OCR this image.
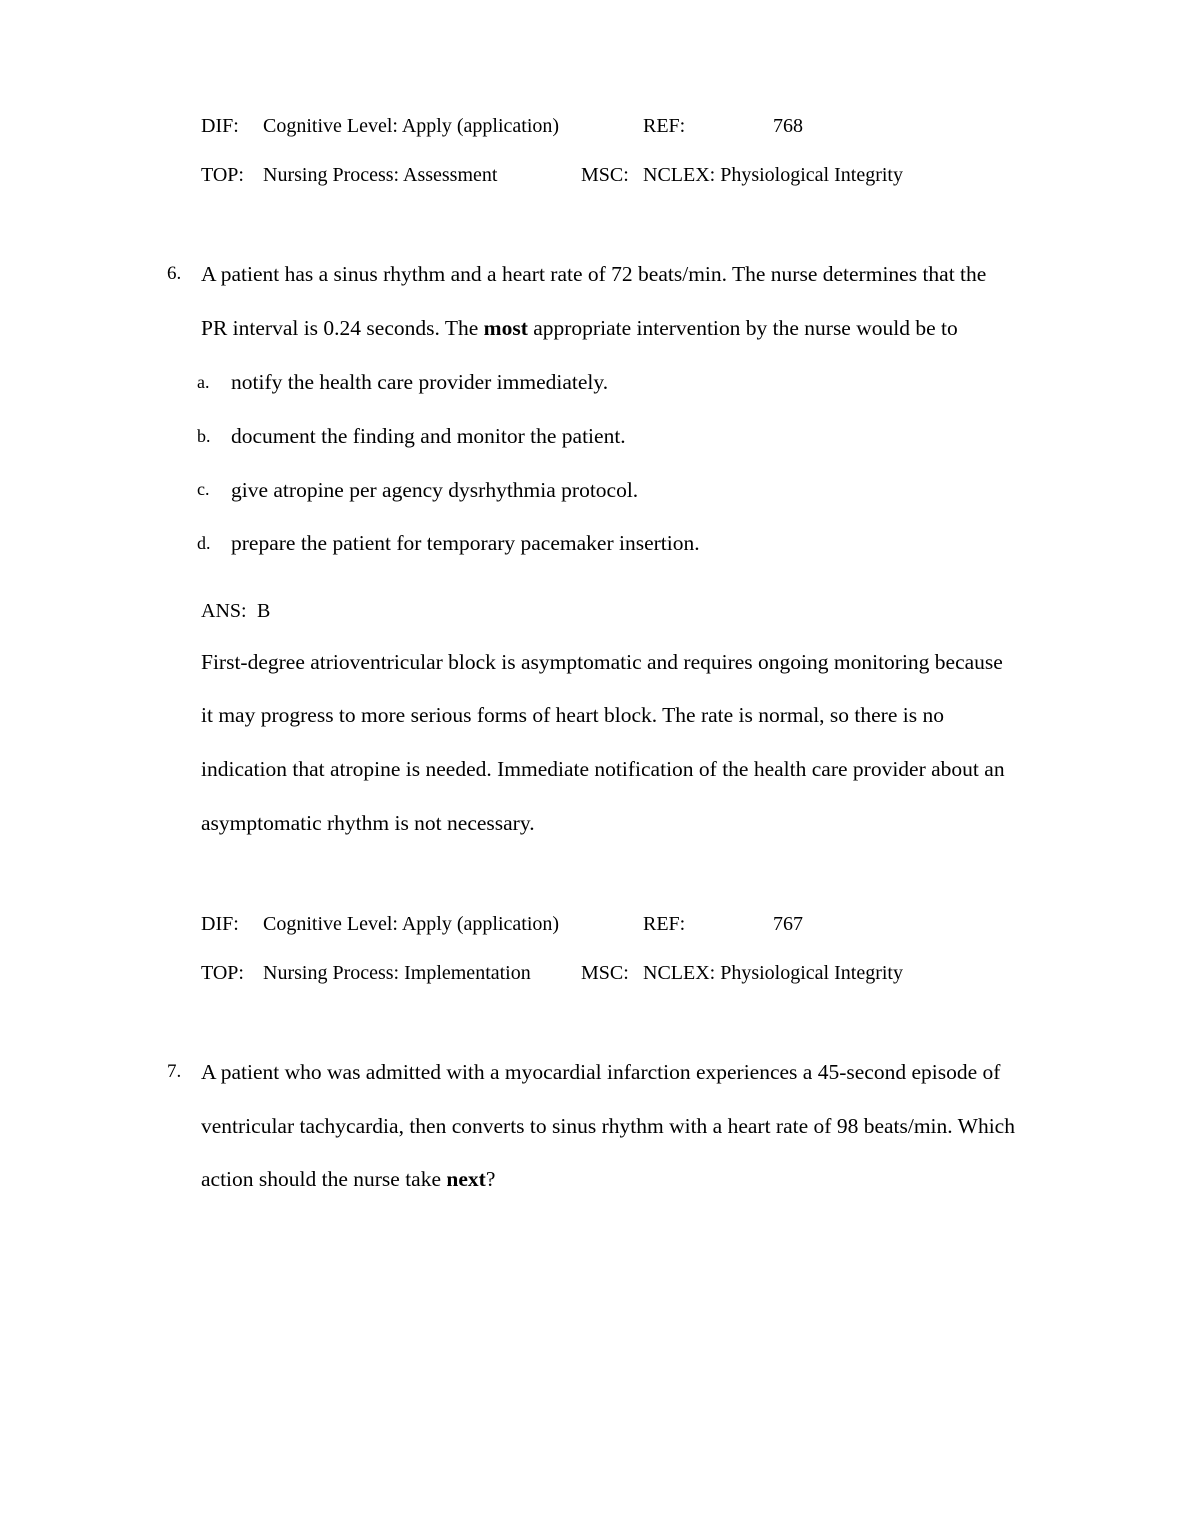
DIF: Cognitive Level: Apply (application)	REF:	768
TOP: Nursing Process: Assessment	MSC: NCLEX: Physiological Integrity
6. A patient has a sinus rhythm and a heart rate of 72 beats/min. The nurse determines that the
PR interval is 0.24 seconds. The most appropriate intervention by the nurse would be to
a. notify the health care provider immediately.
b. document the finding and monitor the patient.
c. give atropine per agency dysrhythmia protocol.
d. prepare the patient for temporary pacemaker insertion.
ANS: B
First-degree atrioventricular block is asymptomatic and requires ongoing monitoring because
it may progress to more serious forms of heart block. The rate is normal, so there is no
indication that atropine is needed. Immediate notification of the health care provider about an
asymptomatic rhythm is not necessary.
DIF: Cognitive Level: Apply (application)	REF:	767
TOP: Nursing Process: Implementation	MSC: NCLEX: Physiological Integrity
7. A patient who was admitted with a myocardial infarction experiences a 45-second episode of
ventricular tachycardia, then converts to sinus rhythm with a heart rate of 98 beats/min. Which
action should the nurse take next?
